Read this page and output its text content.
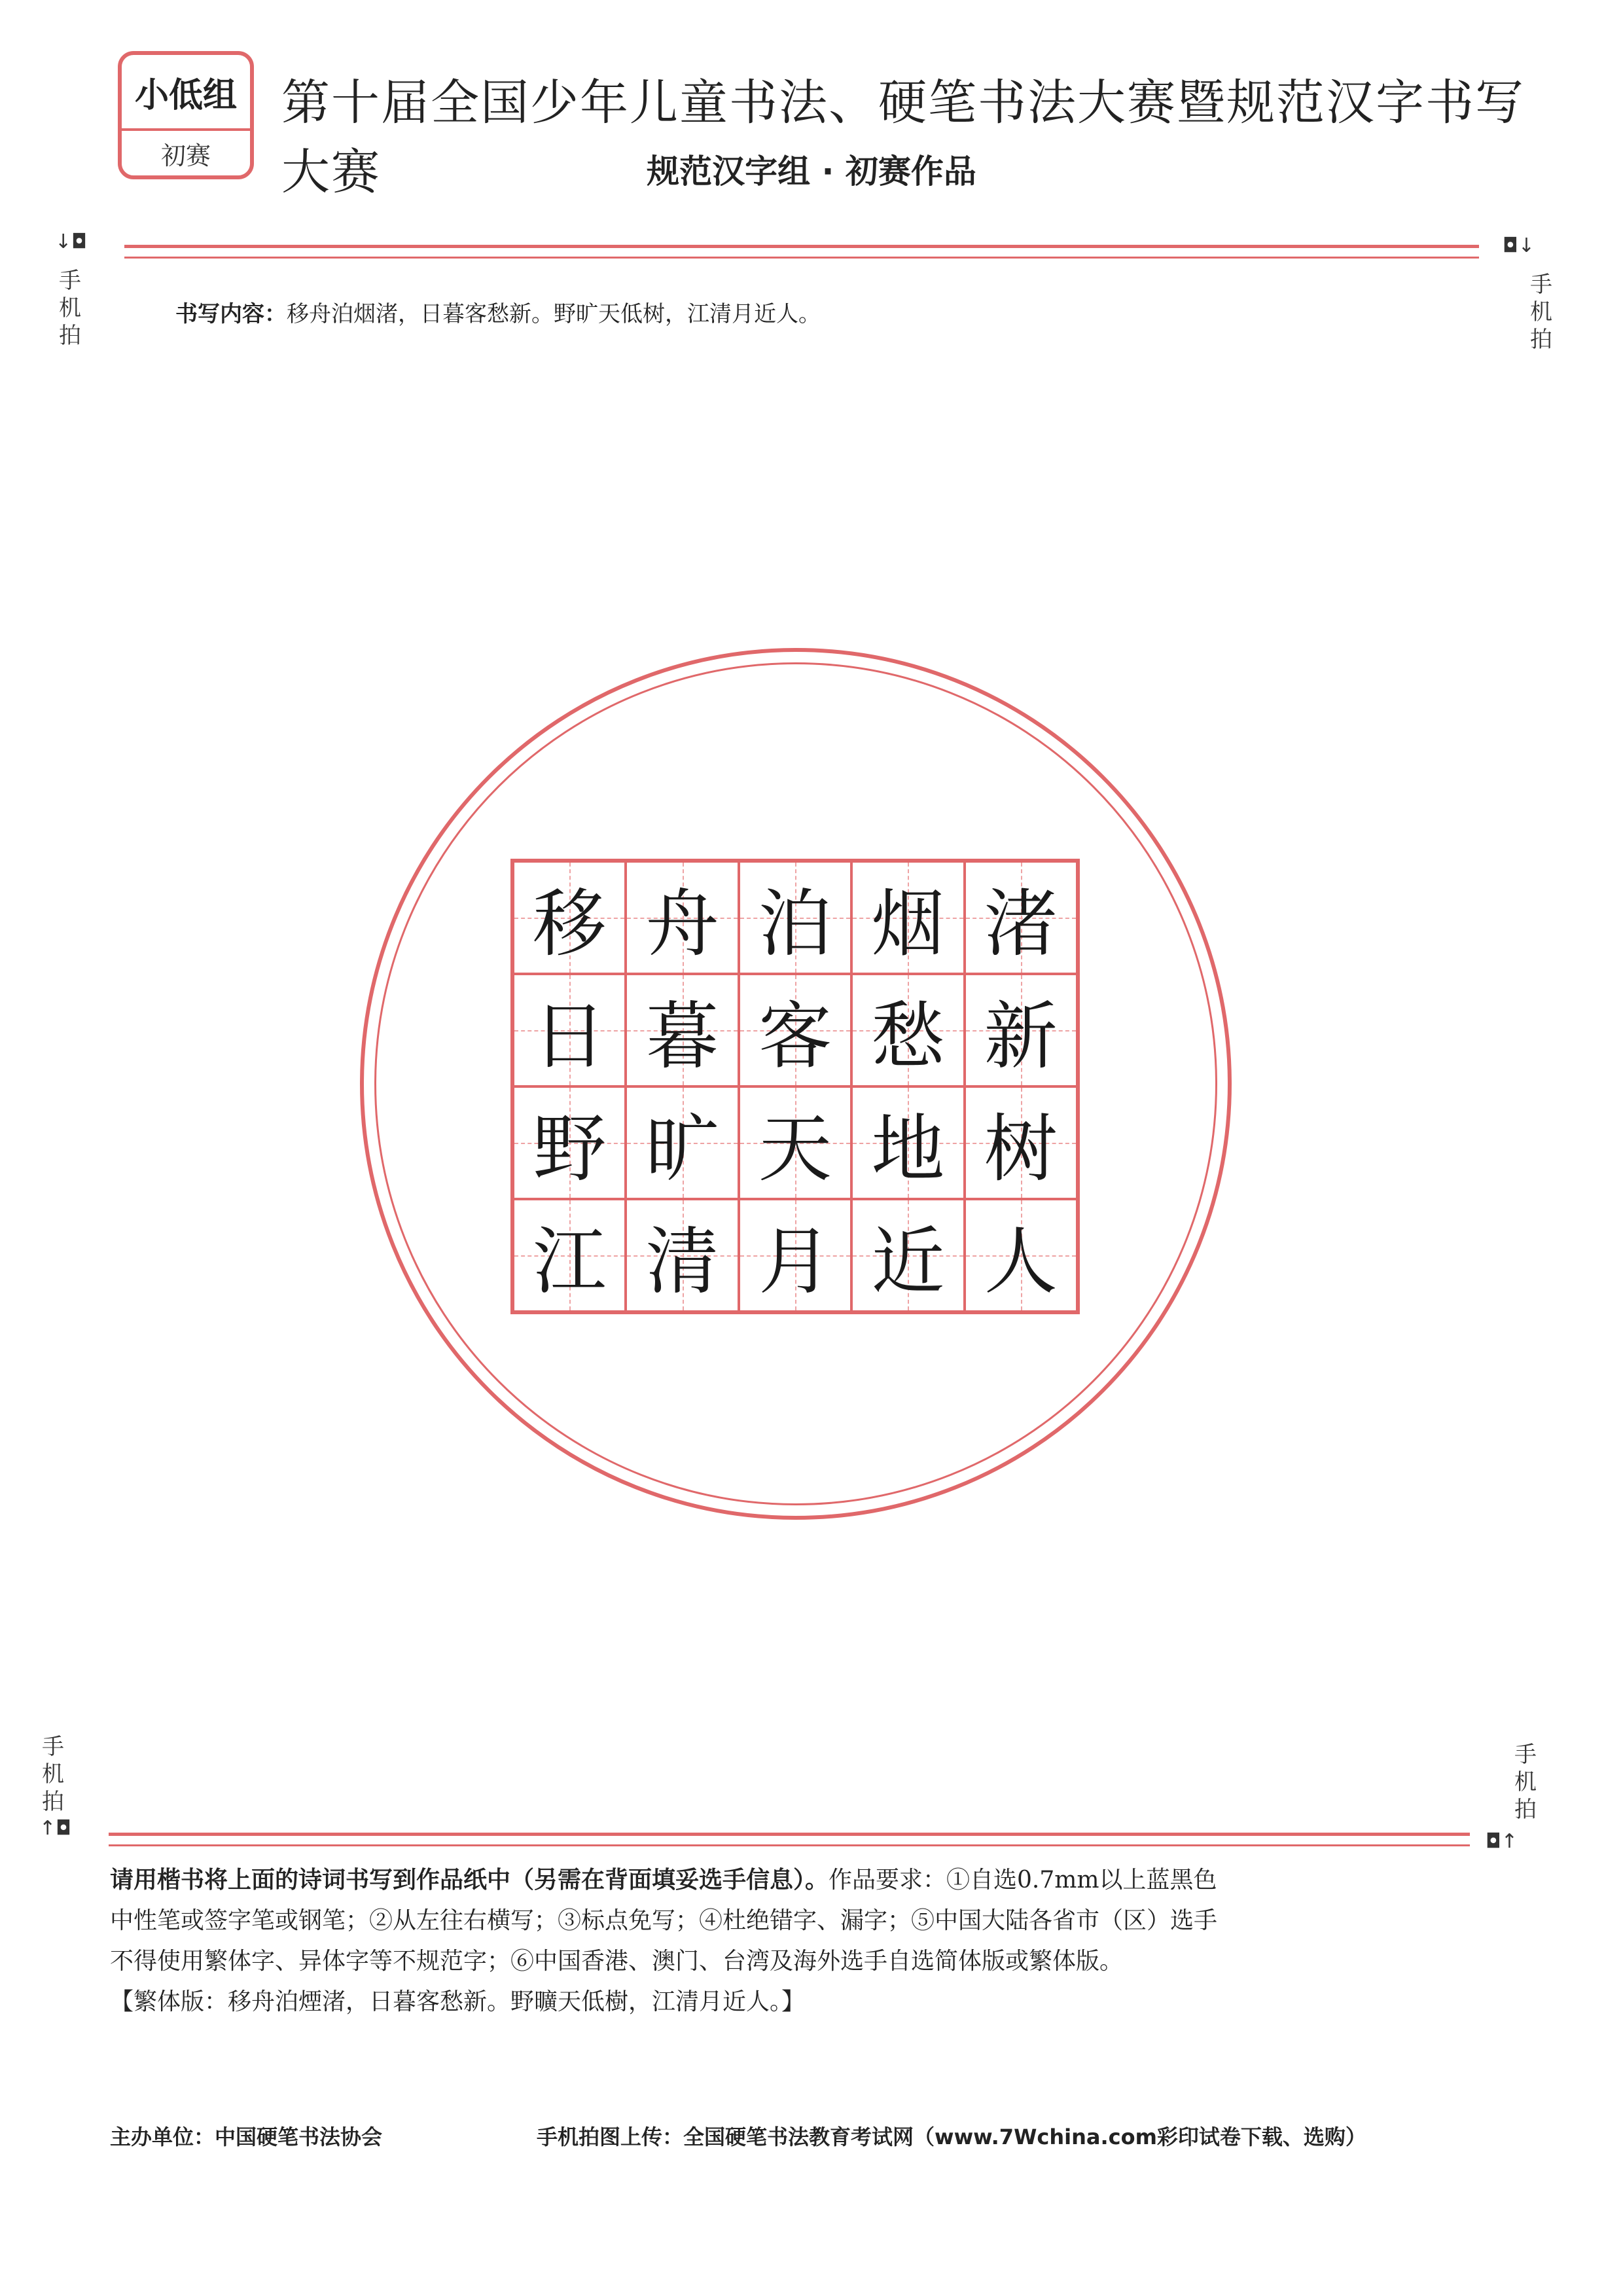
小低组
初赛
第十届全国少年儿童书法、硬笔书法大赛暨规范汉字书写大赛	规范汉字组 · 初赛作品
↓◘
手机拍
◘↓
手机拍
书写内容：移舟泊烟渚，日暮客愁新。野旷天低树，江清月近人。
移 舟 泊 烟 渚
日 暮 客 愁 新
野 旷 天 地 树
江 清 月 近 人
手机拍
↑◘
手机拍
◘↑

请用楷书将上面的诗词书写到作品纸中（另需在背面填妥选手信息）。作品要求：①自选0.7mm以上蓝黑色

中性笔或签字笔或钢笔；②从左往右横写；③标点免写；④杜绝错字、漏字；⑤中国大陆各省市（区）选手

不得使用繁体字、异体字等不规范字；⑥中国香港、澳门、台湾及海外选手自选简体版或繁体版。

【繁体版：移舟泊煙渚，日暮客愁新。野曠天低樹，江清月近人。】

主办单位：中国硬笔书法协会	手机拍图上传：全国硬笔书法教育考试网（www.7Wchina.com彩印试卷下载、选购）
